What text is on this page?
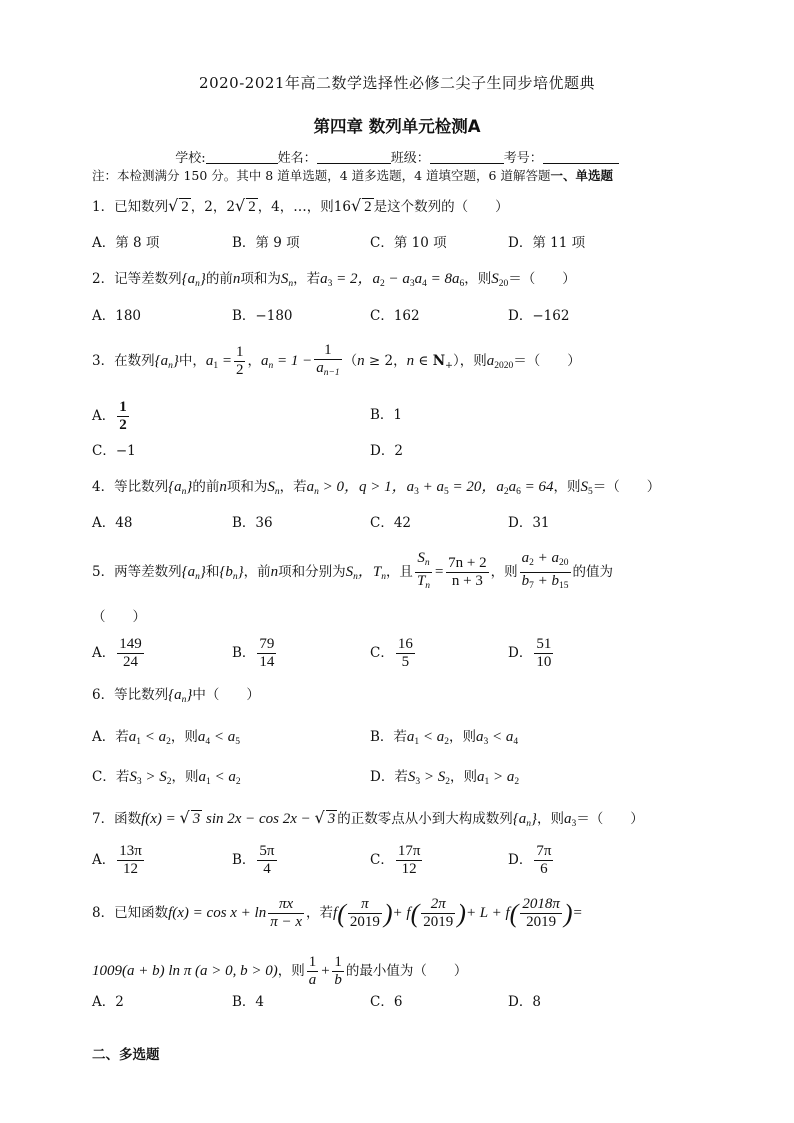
2020-2021年高二数学选择性必修二尖子生同步培优题典
第四章 数列单元检测A
学校:	姓名：	班级：	考号：
注：本检测满分 150 分。其中 8 道单选题，4 道多选题，4 道填空题，6 道解答题一、单选题
1．已知数列√ 2 ，2，2√ 2 ，4，…，则16√ 2 是这个数列的（　　）
A．第 8 项	B．第 9 项	C．第 10 项	D．第 11 项
2．记等差数列$\{a_n\}$的前n项和为$S_n$，若$a_3 = 2$，$a_2 - a_3a_4 = 8a_6$，则$S_{20}=$（　　）
A．180	B．−180	C．162	D．−162
3．在数列$\{a_n\}$中，$a_1 = \frac{1}{2}$ ，$a_n = 1 - \frac{1}{a_{n-1}} (n \ge 2$，n ∈ $N_+$），则$a_{2020}=$（　　）
A． $\frac{1}{2}$	B．1
C．−1	D．2
4．等比数列$\{a_n\}$的前n项和为$S_n$，若$a_n > 0$，q > 1，$a_3 + a_5 = 20$，$a_2a_6 = 64$，则$S_5=$（　　）
A．48	B．36	C．42	D．31
5．两等差数列$\{a_n\}$和$\{b_n\}$，前n项和分别为$S_n$，$T_n$，且 $\frac{S_n}{T_n} = \frac{7n + 2}{n + 3}$ ，则 $\frac{a_2 + a_{20}}{b_7 + b_{15}}$ 的值为
（　　）
A． $\frac{149}{24}$	B． $\frac{79}{14}$	C． $\frac{16}{5}$	D． $\frac{51}{10}$
6．等比数列$\{a_n\}$中（　　）
A．若$a_1 < a_2$，则$a_4 < a_5$	B．若$a_1 < a_2$，则$a_3 < a_4$
C．若$S_3 > S_2$，则$a_1 < a_2$	D．若$S_3 > S_2$，则$a_1 > a_2$
7．函数f(x) = √ 3 sin 2x − cos 2x − √ 3 的正数零点从小到大构成数列$\{a_n\}$，则$a_3=$（　　）
A． $\frac{13\pi}{12}$	B． $\frac{5\pi}{4}$	C． $\frac{17\pi}{12}$	D． $\frac{7\pi}{6}$
8．已知函数$f(x) = \cos x + \ln \frac{\pi x}{\pi - x}$ ，若$f( \frac{\pi}{2019}$ )+ $f( \frac{2\pi}{2019}$ )+ $L + f( \frac{2018\pi}{2019}$ )=
1009(a + b) ln π (a > 0, b > 0)，则 $\frac{1}{a} + \frac{1}{b}$ 的最小值为（　　）
A．2	B．4	C．6	D．8
二、多选题
